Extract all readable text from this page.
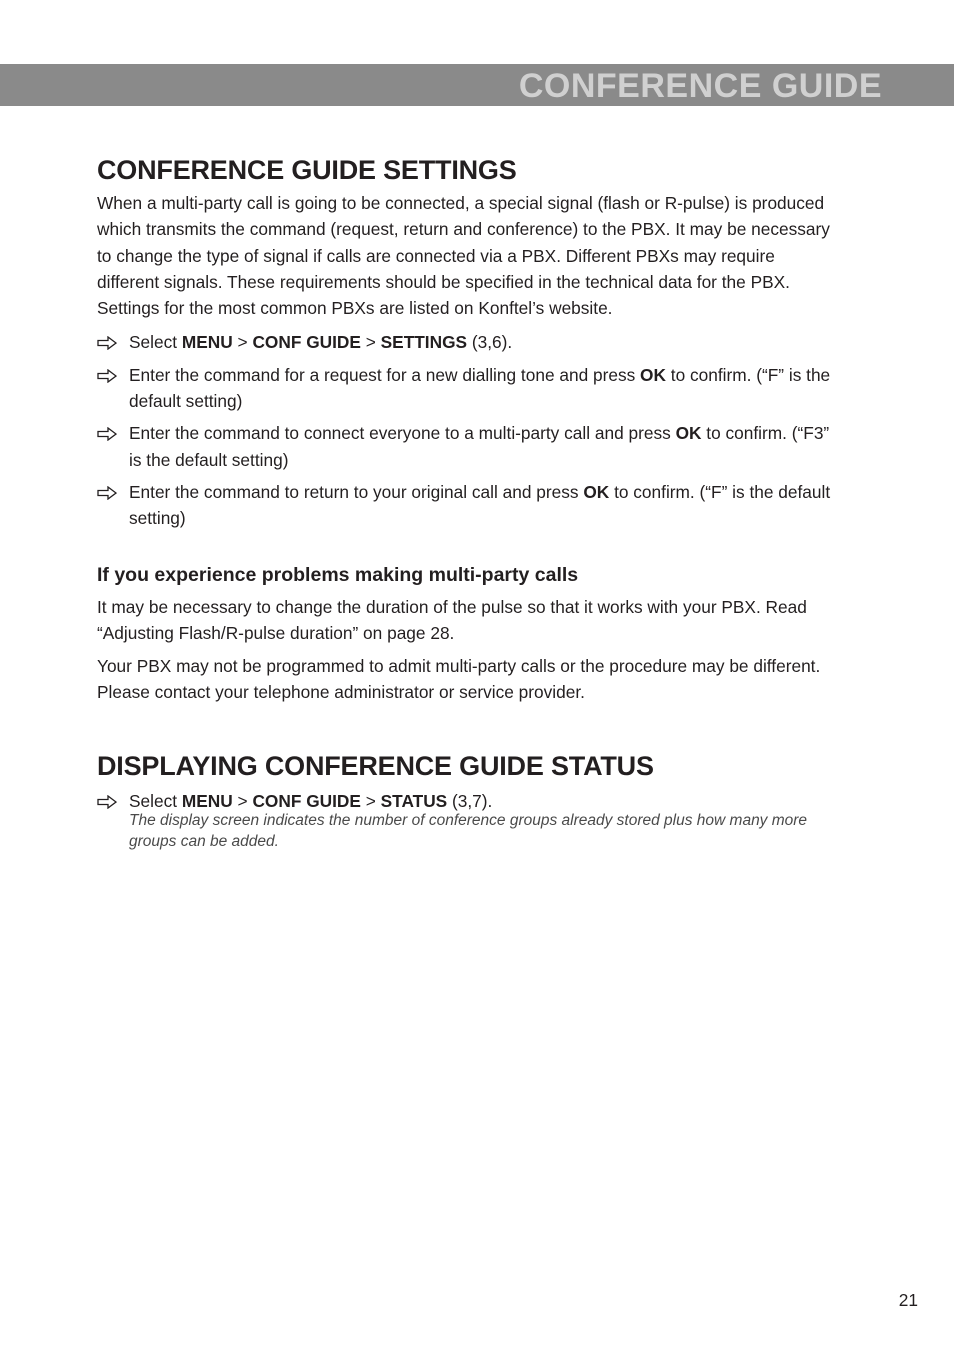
CONFERENCE GUIDE
CONFERENCE GUIDE SETTINGS

When a multi-party call is going to be connected, a special signal (flash or R-pulse) is produced which transmits the command (request, return and conference) to the PBX. It may be necessary to change the type of signal if calls are connected via a PBX. Different PBXs may require different signals. These requirements should be specified in the technical data for the PBX. Settings for the most common PBXs are listed on Konftel’s website.

Select MENU > CONF GUIDE > SETTINGS (3,6).
Enter the command for a request for a new dialling tone and press OK to confirm. (“F” is the default setting)
Enter the command to connect everyone to a multi-party call and press OK to confirm. (“F3” is the default setting)
Enter the command to return to your original call and press OK to confirm. (“F” is the default setting)
If you experience problems making multi-party calls

It may be necessary to change the duration of the pulse so that it works with your PBX. Read “Adjusting Flash/R-pulse duration” on page 28.

Your PBX may not be programmed to admit multi-party calls or the procedure may be different. Please contact your telephone administrator or service provider.

DISPLAYING CONFERENCE GUIDE STATUS
Select MENU > CONF GUIDE > STATUS (3,7).
The display screen indicates the number of conference groups already stored plus how many more groups can be added.
21
